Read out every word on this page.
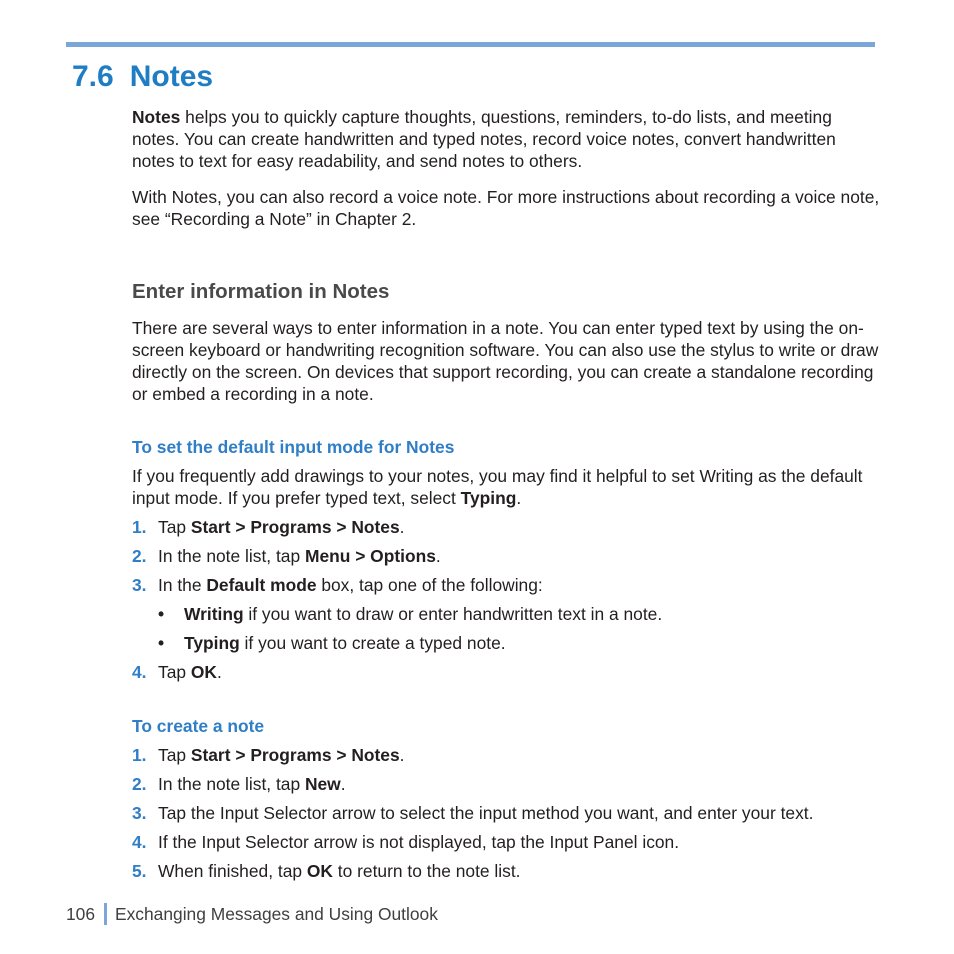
7.6 Notes

Notes helps you to quickly capture thoughts, questions, reminders, to-do lists, and meeting notes. You can create handwritten and typed notes, record voice notes, convert handwritten notes to text for easy readability, and send notes to others.

With Notes, you can also record a voice note. For more instructions about recording a voice note, see “Recording a Note” in Chapter 2.

Enter information in Notes

There are several ways to enter information in a note. You can enter typed text by using the on-screen keyboard or handwriting recognition software. You can also use the stylus to write or draw directly on the screen. On devices that support recording, you can create a standalone recording or embed a recording in a note.

To set the default input mode for Notes

If you frequently add drawings to your notes, you may find it helpful to set Writing as the default input mode. If you prefer typed text, select Typing.

1. Tap Start > Programs > Notes.
2. In the note list, tap Menu > Options.
3. In the Default mode box, tap one of the following:
• Writing if you want to draw or enter handwritten text in a note.
• Typing if you want to create a typed note.
4. Tap OK.
To create a note
1. Tap Start > Programs > Notes.
2. In the note list, tap New.
3. Tap the Input Selector arrow to select the input method you want, and enter your text.
4. If the Input Selector arrow is not displayed, tap the Input Panel icon.
5. When finished, tap OK to return to the note list.
106 Exchanging Messages and Using Outlook
